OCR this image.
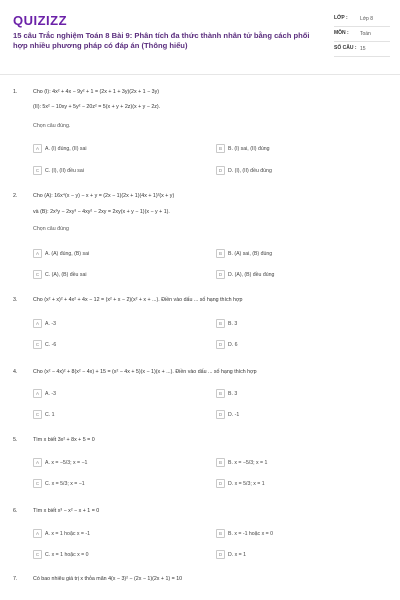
QUIZIZZ
15 câu Trắc nghiệm Toán 8 Bài 9: Phân tích đa thức thành nhân tử bằng cách phối hợp nhiều phương pháp có đáp án (Thông hiểu)
LỚP :	Lớp 8
MÔN :	Toán
SỐ CÂU : 15
1.	Cho (I): 4x² + 4x − 9y² + 1 = (2x + 1 + 3y)(2x + 1 − 3y)
(II): 5x² − 10xy + 5y² − 20z² = 5(x + y + 2z)(x + y − 2z).
Chọn câu đúng.
A	A. (I) đúng, (II) sai	B	B. (I) sai, (II) đúng
C	C. (I), (II) đều sai	D	D. (I), (II) đều đúng
2.	Cho (A): 16x⁴(x − y) − x + y = (2x − 1)(2x + 1)(4x + 1)²(x + y)
và (B): 2x³y − 2xy³ − 4xy² − 2xy = 2xy(x + y − 1)(x − y + 1).
Chọn câu đúng
A	A. (A) đúng, (B) sai	B	B. (A) sai, (B) đúng
C	C. (A), (B) đều sai	D	D. (A), (B) đều đúng
3.	Cho (x² + x)² + 4x² + 4x − 12 = (x² + x − 2)(x² + x + ...). Điền vào dấu ... số hạng thích hợp
A	A. -3	B	B. 3
C	C. -6	D	D. 6
4.	Cho (x² − 4x)² + 8(x² − 4x) + 15 = (x² − 4x + 5)(x − 1)(x + ...). Điền vào dấu ... số hạng thích hợp
A	A. -3	B	B. 3
C	C. 1	D	D. -1
5.	Tìm x biết 3x² + 8x + 5 = 0
A	A. x = −5/3; x = −1	B	B. x = −5/3; x = 1
C	C. x = 5/3; x = −1	D	D. x = 5/3; x = 1
6.	Tìm x biết x³ − x² − x + 1 = 0
A	A. x = 1 hoặc x = -1	B	B. x = -1 hoặc x = 0
C	C. x = 1 hoặc x = 0	D	D. x = 1
7.	Có bao nhiêu giá trị x thỏa mãn 4(x − 3)² − (2x − 1)(2x + 1) = 10
